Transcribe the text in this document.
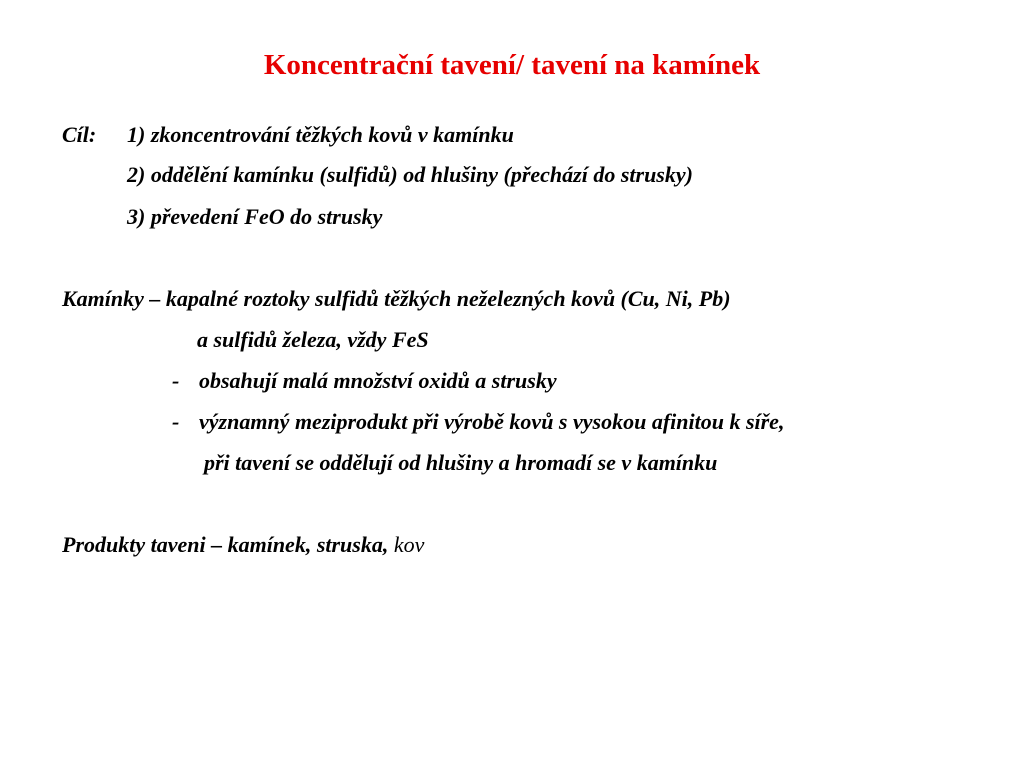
Koncentrační tavení/ tavení na kamínek
Cíl: 1) zkoncentrování těžkých kovů v kamínku
2) oddělění kamínku (sulfidů) od hlušiny (přechází do strusky)
3) převedení FeO do strusky
Kamínky – kapalné roztoky sulfidů těžkých neželezných kovů (Cu, Ni, Pb)
a sulfidů železa, vždy FeS
- obsahují malá množství oxidů a strusky
- významný meziprodukt při výrobě kovů s vysokou afinitou k síře,
při tavení se oddělují od hlušiny a hromadí se v kamínku
Produkty taveni – kamínek, struska, kov
